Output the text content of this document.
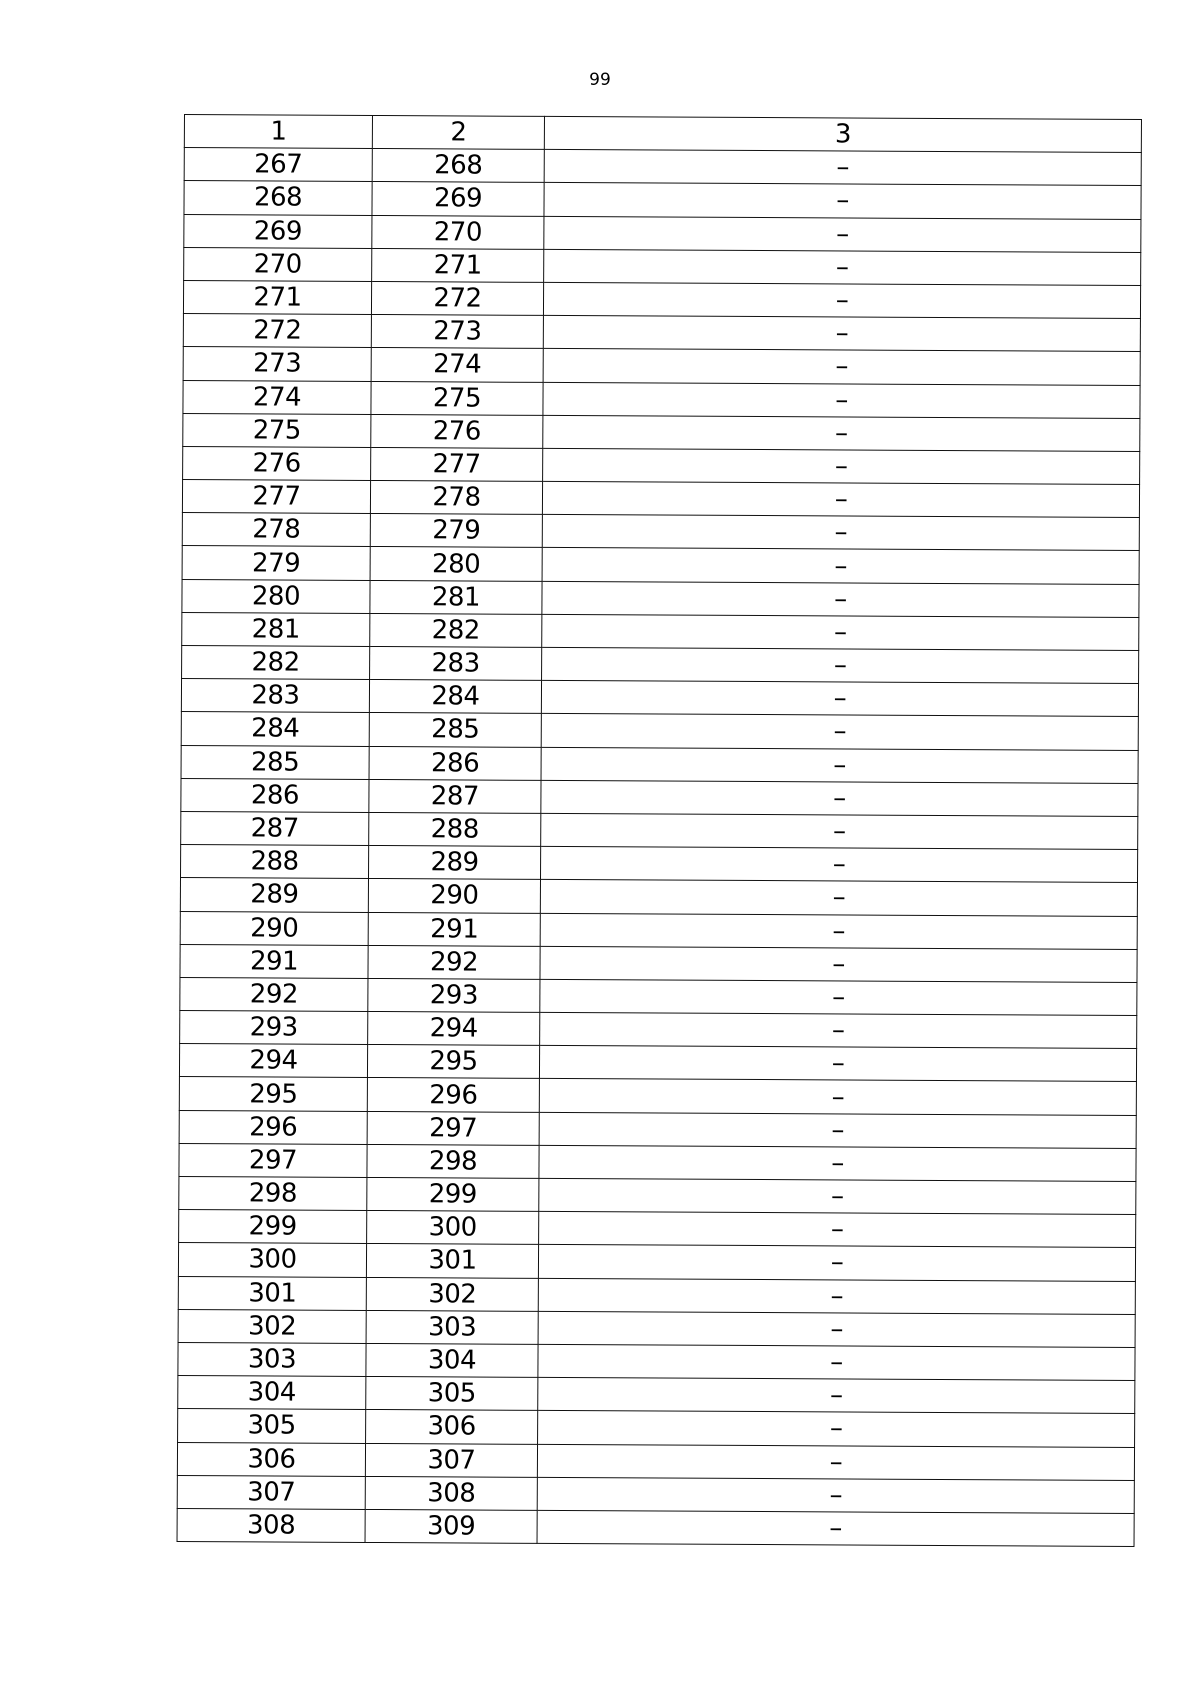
99
1	2	3
267	268	–
268	269	–
269	270	–
270	271	–
271	272	–
272	273	–
273	274	–
274	275	–
275	276	–
276	277	–
277	278	–
278	279	–
279	280	–
280	281	–
281	282	–
282	283	–
283	284	–
284	285	–
285	286	–
286	287	–
287	288	–
288	289	–
289	290	–
290	291	–
291	292	–
292	293	–
293	294	–
294	295	–
295	296	–
296	297	–
297	298	–
298	299	–
299	300	–
300	301	–
301	302	–
302	303	–
303	304	–
304	305	–
305	306	–
306	307	–
307	308	–
308	309	–
